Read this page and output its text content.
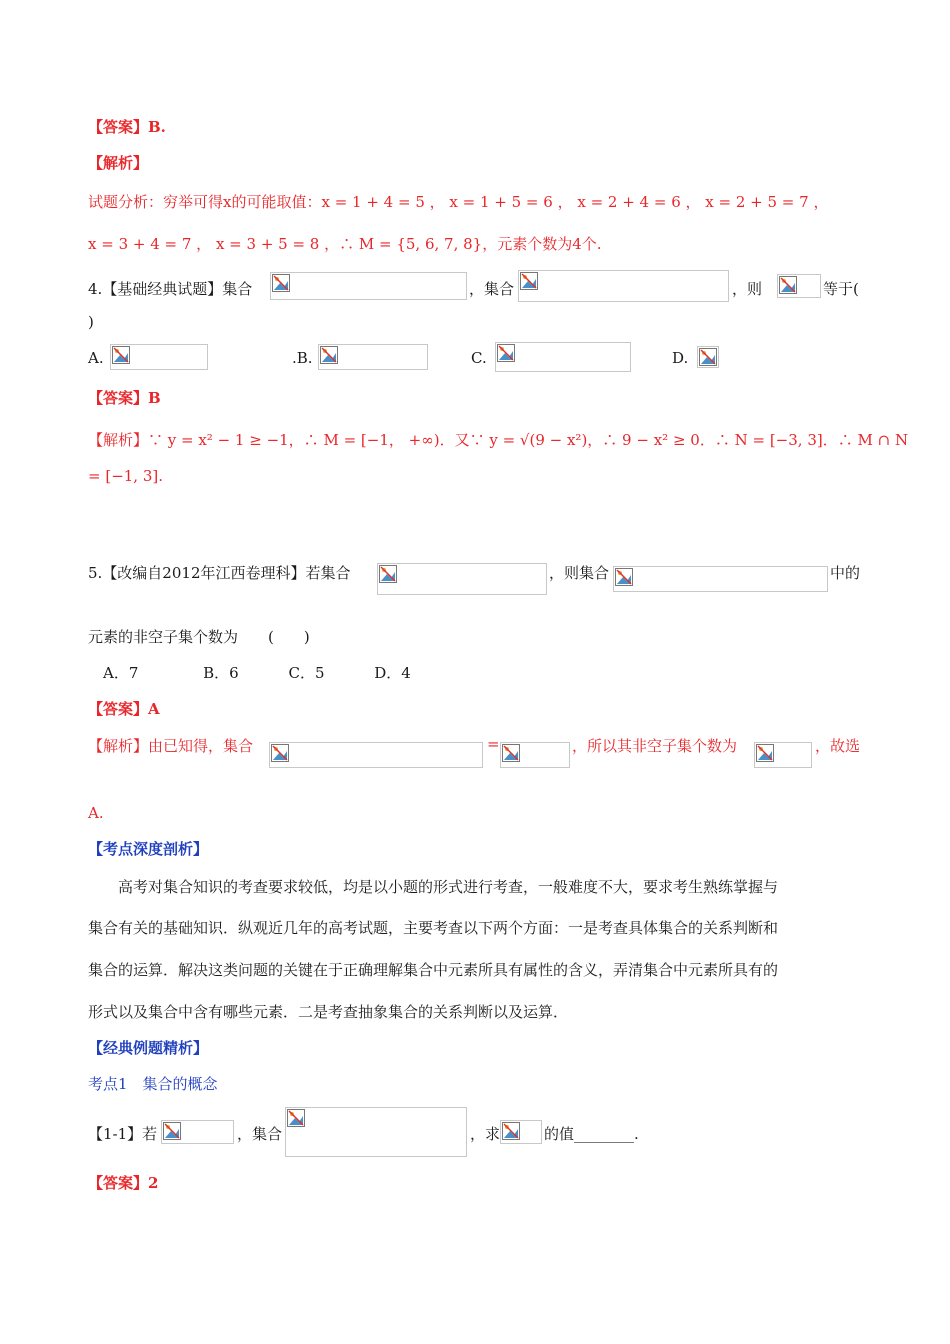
【答案】B.
【解析】
试题分析：穷举可得x的可能取值：x = 1 + 4 = 5 ， x = 1 + 5 = 6 ， x = 2 + 4 = 6 ， x = 2 + 5 = 7 ，
x = 3 + 4 = 7 ， x = 3 + 5 = 8 ，∴ M = {5, 6, 7, 8}，元素个数为4个.
4.【基础经典试题】集合	，集合	，则	等于(
)
A.	.B.	C.	D.
【答案】B
【解析】∵ y = x² − 1 ≥ −1，∴ M = [−1， +∞)．又∵ y = √(9 − x²)，∴ 9 − x² ≥ 0．∴ N = [−3, 3]．∴ M ∩ N
= [−1, 3].
5.【改编自2012年江西卷理科】若集合	，则集合	中的
元素的非空子集个数为　　(　　)
A．7　　　　 B．6　　　 C．5　　　 D．4
【答案】A
【解析】由已知得，集合	=	，所以其非空子集个数为	，故选
A.
【考点深度剖析】
高考对集合知识的考查要求较低，均是以小题的形式进行考查，一般难度不大，要求考生熟练掌握与
集合有关的基础知识．纵观近几年的高考试题，主要考查以下两个方面：一是考查具体集合的关系判断和
集合的运算．解决这类问题的关键在于正确理解集合中元素所具有属性的含义，弄清集合中元素所具有的
形式以及集合中含有哪些元素．二是考查抽象集合的关系判断以及运算．
【经典例题精析】
考点1　集合的概念
【1-1】若	，集合	，求	的值________.
【答案】2
